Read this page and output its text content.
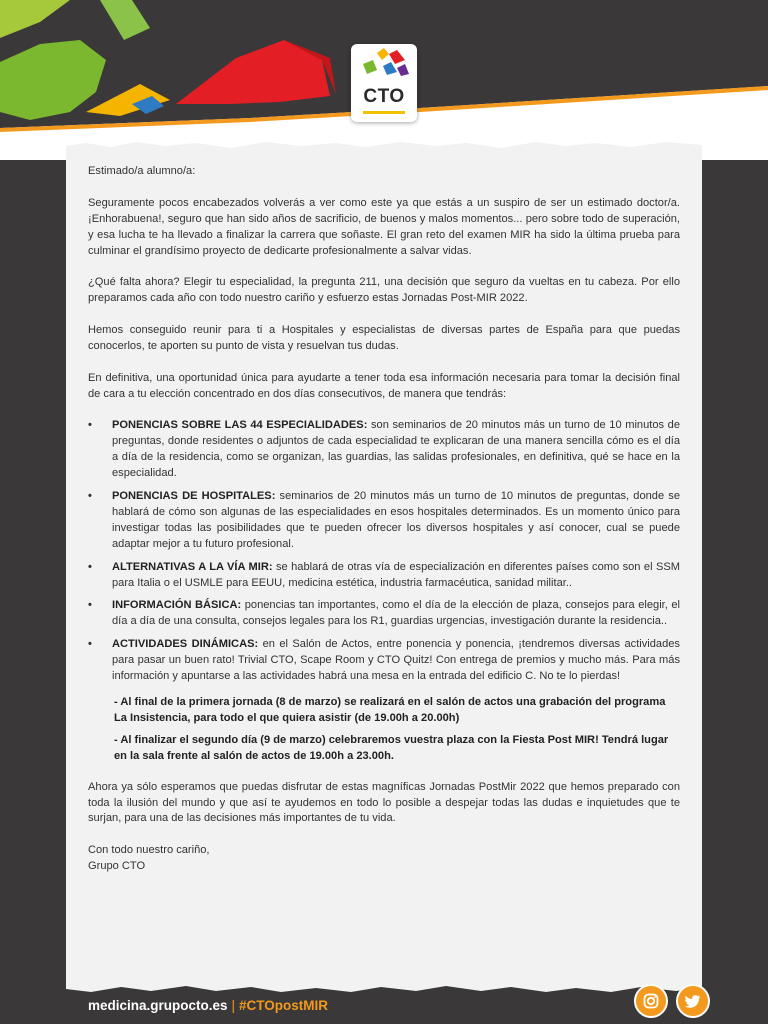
CTO

Estimado/a alumno/a:

Seguramente pocos encabezados volverás a ver como este ya que estás a un suspiro de ser un estimado doctor/a. ¡Enhorabuena!, seguro que han sido años de sacrificio, de buenos y malos momentos... pero sobre todo de superación, y esa lucha te ha llevado a finalizar la carrera que soñaste. El gran reto del examen MIR ha sido la última prueba para culminar el grandísimo proyecto de dedicarte profesionalmente a salvar vidas.

¿Qué falta ahora? Elegir tu especialidad, la pregunta 211, una decisión que seguro da vueltas en tu cabeza. Por ello preparamos cada año con todo nuestro cariño y esfuerzo estas Jornadas Post-MIR 2022.

Hemos conseguido reunir para ti a Hospitales y especialistas de diversas partes de España para que puedas conocerlos, te aporten su punto de vista y resuelvan tus dudas.

En definitiva, una oportunidad única para ayudarte a tener toda esa información necesaria para tomar la decisión final de cara a tu elección concentrado en dos días consecutivos, de manera que tendrás:

• PONENCIAS SOBRE LAS 44 ESPECIALIDADES: son seminarios de 20 minutos más un turno de 10 minutos de preguntas, donde residentes o adjuntos de cada especialidad te explicaran de una manera sencilla cómo es el día a día de la residencia, como se organizan, las guardias, las salidas profesionales, en definitiva, qué se hace en la especialidad.
• PONENCIAS DE HOSPITALES: seminarios de 20 minutos más un turno de 10 minutos de preguntas, donde se hablará de cómo son algunas de las especialidades en esos hospitales determinados. Es un momento único para investigar todas las posibilidades que te pueden ofrecer los diversos hospitales y así conocer, cual se puede adaptar mejor a tu futuro profesional.
• ALTERNATIVAS A LA VÍA MIR: se hablará de otras vía de especialización en diferentes países como son el SSM para Italia o el USMLE para EEUU, medicina estética, industria farmacéutica, sanidad militar..
• INFORMACIÓN BÁSICA: ponencias tan importantes, como el día de la elección de plaza, consejos para elegir, el día a día de una consulta, consejos legales para los R1, guardias urgencias, investigación durante la residencia..
• ACTIVIDADES DINÁMICAS: en el Salón de Actos, entre ponencia y ponencia, ¡tendremos diversas actividades para pasar un buen rato! Trivial CTO, Scape Room y CTO Quitz! Con entrega de premios y mucho más. Para más información y apuntarse a las actividades habrá una mesa en la entrada del edificio C. No te lo pierdas!
- Al final de la primera jornada (8 de marzo) se realizará en el salón de actos una grabación del programa La Insistencia, para todo el que quiera asistir (de 19.00h a 20.00h)
- Al finalizar el segundo día (9 de marzo) celebraremos vuestra plaza con la Fiesta Post MIR! Tendrá lugar en la sala frente al salón de actos de 19.00h a 23.00h.

Ahora ya sólo esperamos que puedas disfrutar de estas magníficas Jornadas PostMir 2022 que hemos preparado con toda la ilusión del mundo y que así te ayudemos en todo lo posible a despejar todas las dudas e inquietudes que te surjan, para una de las decisiones más importantes de tu vida.

Con todo nuestro cariño,
Grupo CTO
medicina.grupocto.es | #CTOpostMIR
